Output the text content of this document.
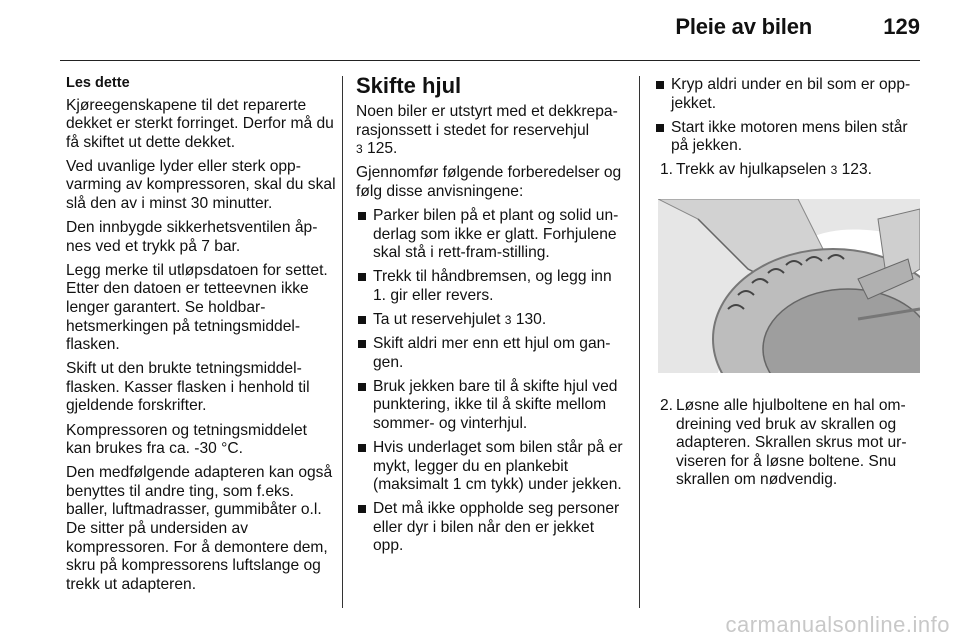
Pleie av bilen	129

Les dette

Kjøreegenskapene til det reparerte dekket er sterkt forringet. Derfor må du få skiftet ut dette dekket.

Ved uvanlige lyder eller sterk oppvarming av kompressoren, skal du skal slå den av i minst 30 minutter.

Den innbygde sikkerhetsventilen åpnes ved et trykk på 7 bar.

Legg merke til utløpsdatoen for settet. Etter den datoen er tetteevnen ikke lenger garantert. Se holdbarhetsmerkingen på tetningsmiddelflasken.

Skift ut den brukte tetningsmiddelflasken. Kasser flasken i henhold til gjeldende forskrifter.

Kompressoren og tetningsmiddelet kan brukes fra ca. -30 °C.

Den medfølgende adapteren kan også benyttes til andre ting, som f.eks. baller, luftmadrasser, gummibåter o.l. De sitter på undersiden av kompressoren. For å demontere dem, skru på kompressorens luftslange og trekk ut adapteren.

Skifte hjul

Noen biler er utstyrt med et dekkreparasjonssett i stedet for reservehjul
3 125.

Gjennomfør følgende forberedelser og følg disse anvisningene:

Parker bilen på et plant og solid underlag som ikke er glatt. Forhjulene skal stå i rett-fram-stilling.
Trekk til håndbremsen, og legg inn 1. gir eller revers.
Ta ut reservehjulet 3 130.
Skift aldri mer enn ett hjul om gangen.
Bruk jekken bare til å skifte hjul ved punktering, ikke til å skifte mellom sommer- og vinterhjul.
Hvis underlaget som bilen står på er mykt, legger du en plankebit (maksimalt 1 cm tykk) under jekken.
Det må ikke oppholde seg personer eller dyr i bilen når den er jekket opp.
Kryp aldri under en bil som er oppjekket.
Start ikke motoren mens bilen står på jekken.
1. Trekk av hjulkapselen 3 123.
2. Løsne alle hjulboltene en hal omdreining ved bruk av skrallen og adapteren. Skrallen skrus mot urviseren for å løsne boltene. Snu skrallen om nødvendig.
carmanualsonline.info
